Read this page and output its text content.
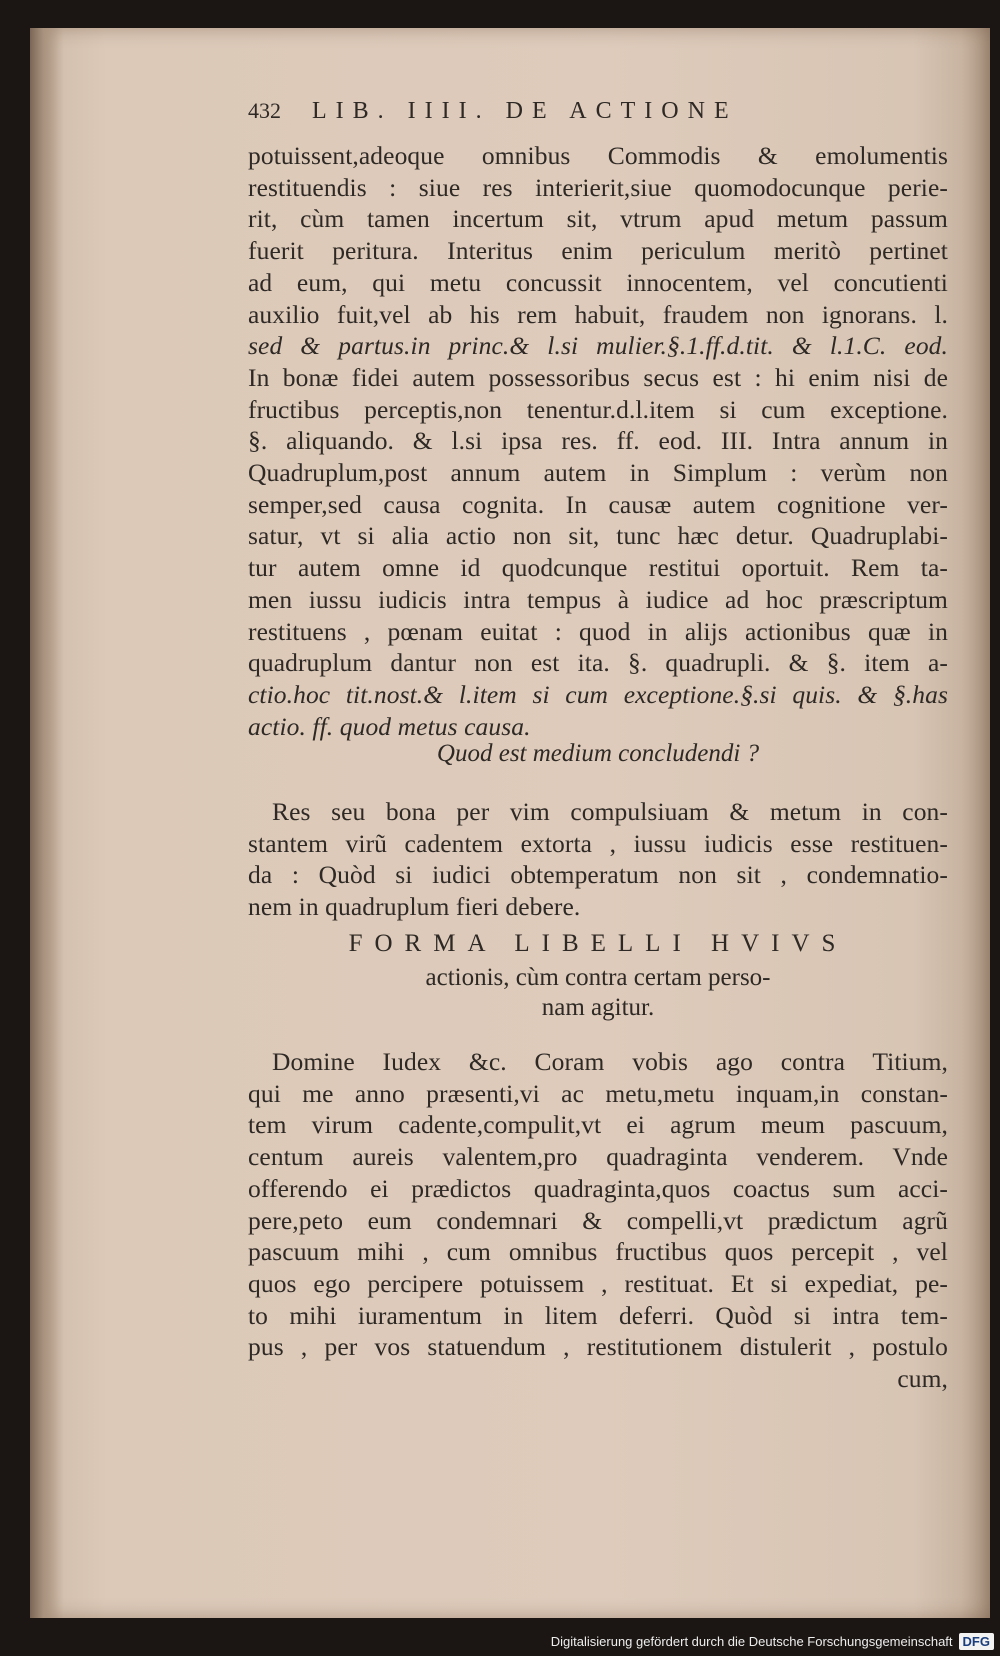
432 LIB. IIII. DE ACTIONE
potuissent,adeoque omnibus Commodis & emolumentis
restituendis : siue res interierit,siue quomodocunque perie-
rit, cùm tamen incertum sit, vtrum apud metum passum
fuerit peritura. Interitus enim periculum meritò pertinet
ad eum, qui metu concussit innocentem, vel concutienti
auxilio fuit,vel ab his rem habuit, fraudem non ignorans. l.
sed & partus.in princ.& l.si mulier.§.1.ff.d.tit. & l.1.C. eod.
In bonæ fidei autem possessoribus secus est : hi enim nisi de
fructibus perceptis,non tenentur.d.l.item si cum exceptione.
§. aliquando. & l.si ipsa res. ff. eod. III. Intra annum in
Quadruplum,post annum autem in Simplum : verùm non
semper,sed causa cognita. In causæ autem cognitione ver-
satur, vt si alia actio non sit, tunc hæc detur. Quadruplabi-
tur autem omne id quodcunque restitui oportuit. Rem ta-
men iussu iudicis intra tempus à iudice ad hoc præscriptum
restituens , pœnam euitat : quod in alijs actionibus quæ in
quadruplum dantur non est ita. §. quadrupli. & §. item a-
ctio.hoc tit.nost.& l.item si cum exceptione.§.si quis. & §.has
actio. ff. quod metus causa.
Quod est medium concludendi ?
Res seu bona per vim compulsiuam & metum in con-
stantem virũ cadentem extorta , iussu iudicis esse restituen-
da : Quòd si iudici obtemperatum non sit , condemnatio-
nem in quadruplum fieri debere.
FORMA LIBELLI HVIVS
actionis, cùm contra certam perso-
nam agitur.
Domine Iudex &c. Coram vobis ago contra Titium,
qui me anno præsenti,vi ac metu,metu inquam,in constan-
tem virum cadente,compulit,vt ei agrum meum pascuum,
centum aureis valentem,pro quadraginta venderem. Vnde
offerendo ei prædictos quadraginta,quos coactus sum acci-
pere,peto eum condemnari & compelli,vt prædictum agrũ
pascuum mihi , cum omnibus fructibus quos percepit , vel
quos ego percipere potuissem , restituat. Et si expediat, pe-
to mihi iuramentum in litem deferri. Quòd si intra tem-
pus , per vos statuendum , restitutionem distulerit , postulo
cum,
Digitalisierung gefördert durch die Deutsche Forschungsgemeinschaft DFG
